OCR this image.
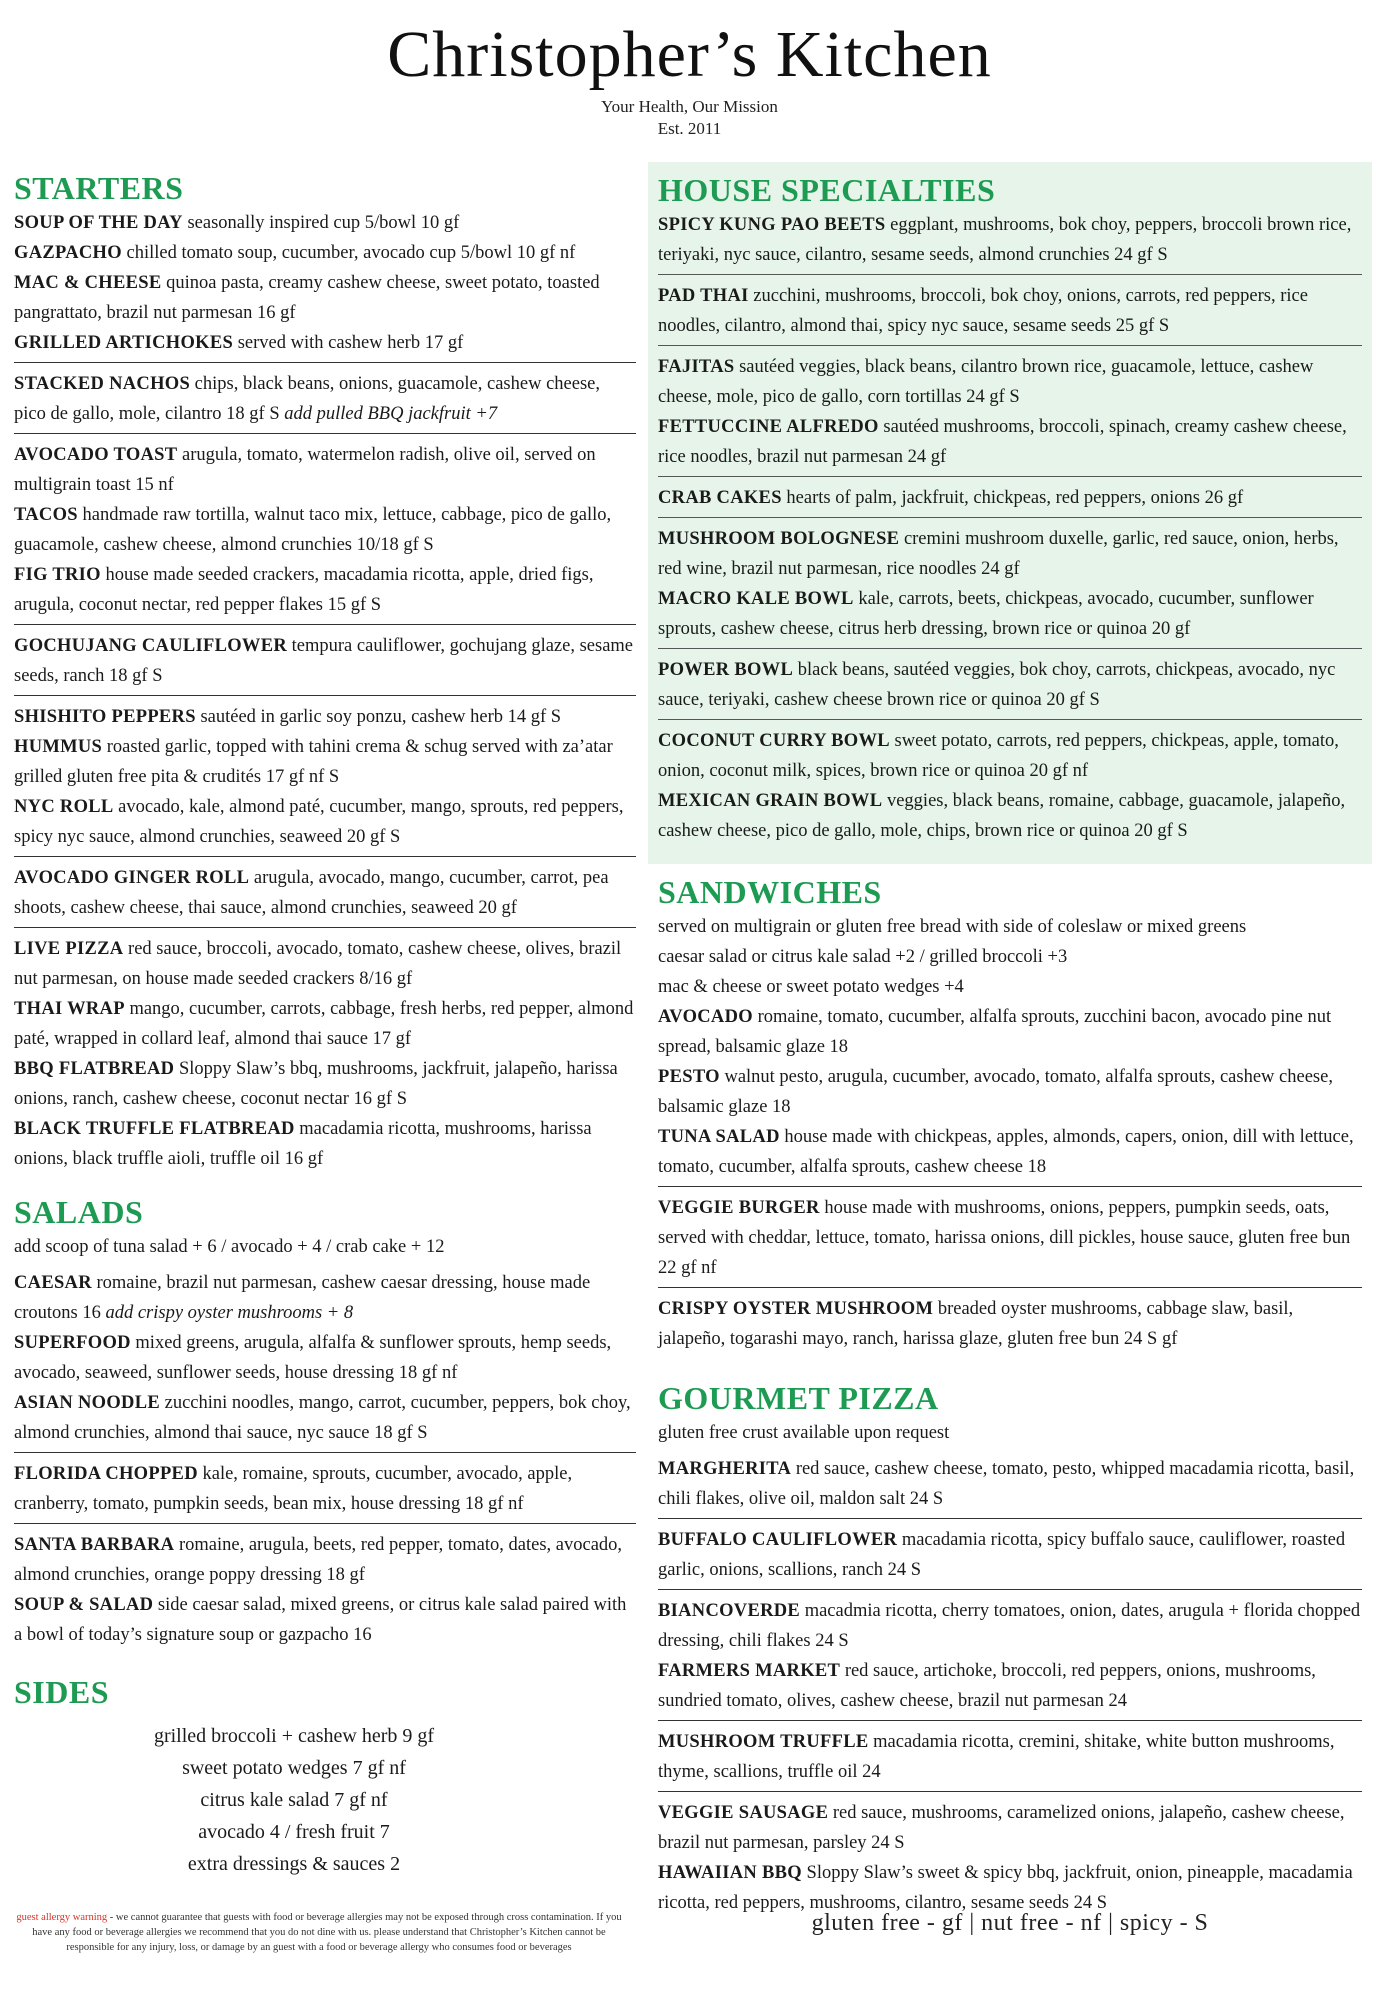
Christopher’s Kitchen
Your Health, Our Mission
Est. 2011
STARTERS
SOUP OF THE DAY seasonally inspired cup 5/bowl 10 gf
GAZPACHO chilled tomato soup, cucumber, avocado cup 5/bowl 10 gf nf
MAC & CHEESE quinoa pasta, creamy cashew cheese, sweet potato, toasted pangrattato, brazil nut parmesan 16 gf
GRILLED ARTICHOKES served with cashew herb 17 gf
STACKED NACHOS chips, black beans, onions, guacamole, cashew cheese, pico de gallo, mole, cilantro 18 gf S add pulled BBQ jackfruit +7
AVOCADO TOAST arugula, tomato, watermelon radish, olive oil, served on multigrain toast 15 nf
TACOS handmade raw tortilla, walnut taco mix, lettuce, cabbage, pico de gallo, guacamole, cashew cheese, almond crunchies 10/18 gf S
FIG TRIO house made seeded crackers, macadamia ricotta, apple, dried figs, arugula, coconut nectar, red pepper flakes 15 gf S
GOCHUJANG CAULIFLOWER tempura cauliflower, gochujang glaze, sesame seeds, ranch 18 gf S
SHISHITO PEPPERS sautéed in garlic soy ponzu, cashew herb 14 gf S
HUMMUS roasted garlic, topped with tahini crema & schug served with za’atar grilled gluten free pita & crudités 17 gf nf S
NYC ROLL avocado, kale, almond paté, cucumber, mango, sprouts, red peppers, spicy nyc sauce, almond crunchies, seaweed 20 gf S
AVOCADO GINGER ROLL arugula, avocado, mango, cucumber, carrot, pea shoots, cashew cheese, thai sauce, almond crunchies, seaweed 20 gf
LIVE PIZZA red sauce, broccoli, avocado, tomato, cashew cheese, olives, brazil nut parmesan, on house made seeded crackers 8/16 gf
THAI WRAP mango, cucumber, carrots, cabbage, fresh herbs, red pepper, almond paté, wrapped in collard leaf, almond thai sauce 17 gf
BBQ FLATBREAD Sloppy Slaw’s bbq, mushrooms, jackfruit, jalapeño, harissa onions, ranch, cashew cheese, coconut nectar 16 gf S
BLACK TRUFFLE FLATBREAD macadamia ricotta, mushrooms, harissa onions, black truffle aioli, truffle oil 16 gf
SALADS
add scoop of tuna salad + 6 / avocado + 4 / crab cake + 12
CAESAR romaine, brazil nut parmesan, cashew caesar dressing, house made croutons 16 add crispy oyster mushrooms + 8
SUPERFOOD mixed greens, arugula, alfalfa & sunflower sprouts, hemp seeds, avocado, seaweed, sunflower seeds, house dressing 18 gf nf
ASIAN NOODLE zucchini noodles, mango, carrot, cucumber, peppers, bok choy, almond crunchies, almond thai sauce, nyc sauce 18 gf S
FLORIDA CHOPPED kale, romaine, sprouts, cucumber, avocado, apple, cranberry, tomato, pumpkin seeds, bean mix, house dressing 18 gf nf
SANTA BARBARA romaine, arugula, beets, red pepper, tomato, dates, avocado, almond crunchies, orange poppy dressing 18 gf
SOUP & SALAD side caesar salad, mixed greens, or citrus kale salad paired with a bowl of today’s signature soup or gazpacho 16
SIDES
grilled broccoli + cashew herb 9 gf
sweet potato wedges 7 gf nf
citrus kale salad 7 gf nf
avocado 4 / fresh fruit 7
extra dressings & sauces 2
guest allergy warning - we cannot guarantee that guests with food or beverage allergies may not be exposed through cross contamination. If you have any food or beverage allergies we recommend that you do not dine with us. please understand that Christopher’s Kitchen cannot be responsible for any injury, loss, or damage by an guest with a food or beverage allergy who consumes food or beverages
HOUSE SPECIALTIES
SPICY KUNG PAO BEETS eggplant, mushrooms, bok choy, peppers, broccoli brown rice, teriyaki, nyc sauce, cilantro, sesame seeds, almond crunchies 24 gf S
PAD THAI zucchini, mushrooms, broccoli, bok choy, onions, carrots, red peppers, rice noodles, cilantro, almond thai, spicy nyc sauce, sesame seeds 25 gf S
FAJITAS sautéed veggies, black beans, cilantro brown rice, guacamole, lettuce, cashew cheese, mole, pico de gallo, corn tortillas 24 gf S
FETTUCCINE ALFREDO sautéed mushrooms, broccoli, spinach, creamy cashew cheese, rice noodles, brazil nut parmesan 24 gf
CRAB CAKES hearts of palm, jackfruit, chickpeas, red peppers, onions 26 gf
MUSHROOM BOLOGNESE cremini mushroom duxelle, garlic, red sauce, onion, herbs, red wine, brazil nut parmesan, rice noodles 24 gf
MACRO KALE BOWL kale, carrots, beets, chickpeas, avocado, cucumber, sunflower sprouts, cashew cheese, citrus herb dressing, brown rice or quinoa 20 gf
POWER BOWL black beans, sautéed veggies, bok choy, carrots, chickpeas, avocado, nyc sauce, teriyaki, cashew cheese brown rice or quinoa 20 gf S
COCONUT CURRY BOWL sweet potato, carrots, red peppers, chickpeas, apple, tomato, onion, coconut milk, spices, brown rice or quinoa 20 gf nf
MEXICAN GRAIN BOWL veggies, black beans, romaine, cabbage, guacamole, jalapeño, cashew cheese, pico de gallo, mole, chips, brown rice or quinoa 20 gf S
SANDWICHES
served on multigrain or gluten free bread with side of coleslaw or mixed greens
caesar salad or citrus kale salad +2 / grilled broccoli +3
mac & cheese or sweet potato wedges +4
AVOCADO romaine, tomato, cucumber, alfalfa sprouts, zucchini bacon, avocado pine nut spread, balsamic glaze 18
PESTO walnut pesto, arugula, cucumber, avocado, tomato, alfalfa sprouts, cashew cheese, balsamic glaze 18
TUNA SALAD house made with chickpeas, apples, almonds, capers, onion, dill with lettuce, tomato, cucumber, alfalfa sprouts, cashew cheese 18
VEGGIE BURGER house made with mushrooms, onions, peppers, pumpkin seeds, oats, served with cheddar, lettuce, tomato, harissa onions, dill pickles, house sauce, gluten free bun 22 gf nf
CRISPY OYSTER MUSHROOM breaded oyster mushrooms, cabbage slaw, basil, jalapeño, togarashi mayo, ranch, harissa glaze, gluten free bun 24 S gf
GOURMET PIZZA
gluten free crust available upon request
MARGHERITA red sauce, cashew cheese, tomato, pesto, whipped macadamia ricotta, basil, chili flakes, olive oil, maldon salt 24 S
BUFFALO CAULIFLOWER macadamia ricotta, spicy buffalo sauce, cauliflower, roasted garlic, onions, scallions, ranch 24 S
BIANCOVERDE macadmia ricotta, cherry tomatoes, onion, dates, arugula + florida chopped dressing, chili flakes 24 S
FARMERS MARKET red sauce, artichoke, broccoli, red peppers, onions, mushrooms, sundried tomato, olives, cashew cheese, brazil nut parmesan 24
MUSHROOM TRUFFLE macadamia ricotta, cremini, shitake, white button mushrooms, thyme, scallions, truffle oil 24
VEGGIE SAUSAGE red sauce, mushrooms, caramelized onions, jalapeño, cashew cheese, brazil nut parmesan, parsley 24 S
HAWAIIAN BBQ Sloppy Slaw’s sweet & spicy bbq, jackfruit, onion, pineapple, macadamia ricotta, red peppers, mushrooms, cilantro, sesame seeds 24 S
gluten free - gf | nut free - nf | spicy - S
